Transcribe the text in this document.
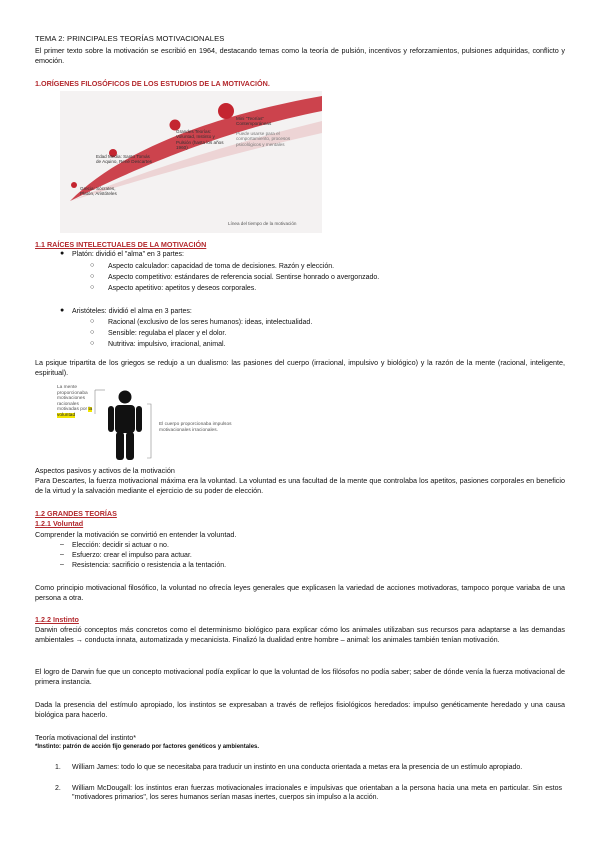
TEMA 2: PRINCIPALES TEORÍAS MOTIVACIONALES
El primer texto sobre la motivación se escribió en 1964, destacando temas como la teoría de pulsión, incentivos y reforzamientos, pulsiones adquiridas, conflicto y emoción.
1.ORÍGENES FILOSÓFICOS DE LOS ESTUDIOS DE LA MOTIVACIÓN.
Grecia: Sócrates, Platón, Aristóteles
Edad Media: Santo Tomás de Aquino, René Descartes
Grandes Teorías: Voluntad, Instinto y Pulsión (hasta los años 1960)
Mini "Teorías" Contemporáneas
Puede usarse para el comportamiento, procesos psicológicos y mentales
Línea del tiempo de la motivación
1.1 RAÍCES INTELECTUALES DE LA MOTIVACIÓN
● Platón: dividió el "alma" en 3 partes:
○ Aspecto calculador: capacidad de toma de decisiones. Razón y elección.
○ Aspecto competitivo: estándares de referencia social. Sentirse honrado o avergonzado.
○ Aspecto apetitivo: apetitos y deseos corporales.
● Aristóteles: dividió el alma en 3 partes:
○ Racional (exclusivo de los seres humanos): ideas, intelectualidad.
○ Sensible: regulaba el placer y el dolor.
○ Nutritiva: impulsivo, irracional, animal.
La psique tripartita de los griegos se redujo a un dualismo: las pasiones del cuerpo (irracional, impulsivo y biológico) y la razón de la mente (racional, inteligente, espiritual).
La mente proporcionaba motivaciones racionales motivadas por la voluntad
El cuerpo proporcionaba impulsos motivacionales irracionales.
Aspectos pasivos y activos de la motivación
Para Descartes, la fuerza motivacional máxima era la voluntad. La voluntad es una facultad de la mente que controlaba los apetitos, pasiones corporales en beneficio de la virtud y la salvación mediante el ejercicio de su poder de elección.
1.2 GRANDES TEORÍAS
1.2.1 Voluntad
Comprender la motivación se convirtió en entender la voluntad.
– Elección: decidir si actuar o no.
– Esfuerzo: crear el impulso para actuar.
– Resistencia: sacrificio o resistencia a la tentación.
Como principio motivacional filosófico, la voluntad no ofrecía leyes generales que explicasen la variedad de acciones motivadoras, tampoco porque variaba de una persona a otra.
1.2.2 Instinto
Darwin ofreció conceptos más concretos como el determinismo biológico para explicar cómo los animales utilizaban sus recursos para adaptarse a las demandas ambientales → conducta innata, automatizada y mecanicista. Finalizó la dualidad entre hombre – animal: los animales también tenían motivación.
El logro de Darwin fue que un concepto motivacional podía explicar lo que la voluntad de los filósofos no podía saber; saber de dónde venía la fuerza motivacional de primera instancia.
Dada la presencia del estímulo apropiado, los instintos se expresaban a través de reflejos fisiológicos heredados: impulso genéticamente heredado y una causa biológica para hacerlo.
Teoría motivacional del instinto*
*Instinto: patrón de acción fijo generado por factores genéticos y ambientales.
1. William James: todo lo que se necesitaba para traducir un instinto en una conducta orientada a metas era la presencia de un estímulo apropiado.
2. William McDougall: los instintos eran fuerzas motivacionales irracionales e impulsivas que orientaban a la persona hacia una meta en particular. Sin estos "motivadores primarios", los seres humanos serían masas inertes, cuerpos sin impulso a la acción.
